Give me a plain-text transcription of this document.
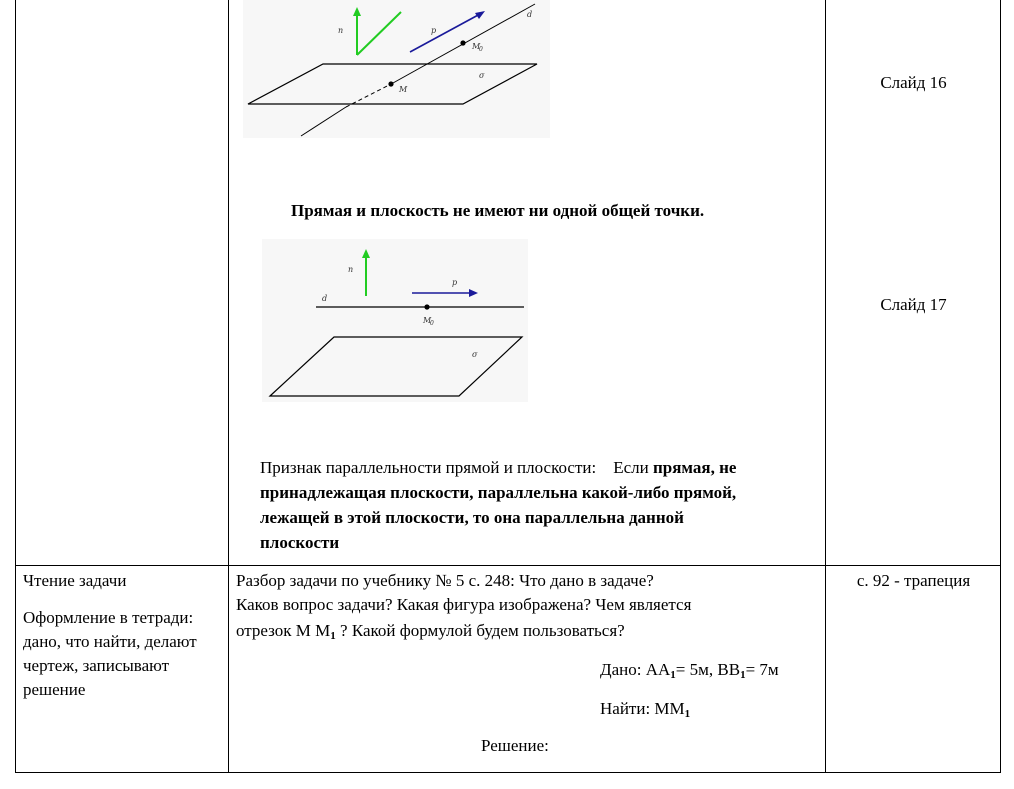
n	p
d
M
0
M
σ	Слайд 16
Прямая и плоскость не имеют ни одной общей точки.
n
p
d
M
0
σ
Слайд 17
Признак параллельности прямой и плоскости: Если прямая, не
принадлежащая плоскости, параллельна какой-либо прямой,
лежащей в этой плоскости, то она параллельна данной
плоскости
Чтение задачи
Оформление в тетради:
дано, что найти, делают
чертеж, записывают
решение
Разбор задачи по учебнику № 5 с. 248: Что дано в задаче?
Каков вопрос задачи? Какая фигура изображена? Чем является
отрезок М $М_1$ ? Какой формулой будем пользоваться?
Дано: $АА_1= 5м$, $ВВ_1= 7м$
Найти: $ММ_1$
Решение:
с. 92 - трапеция
